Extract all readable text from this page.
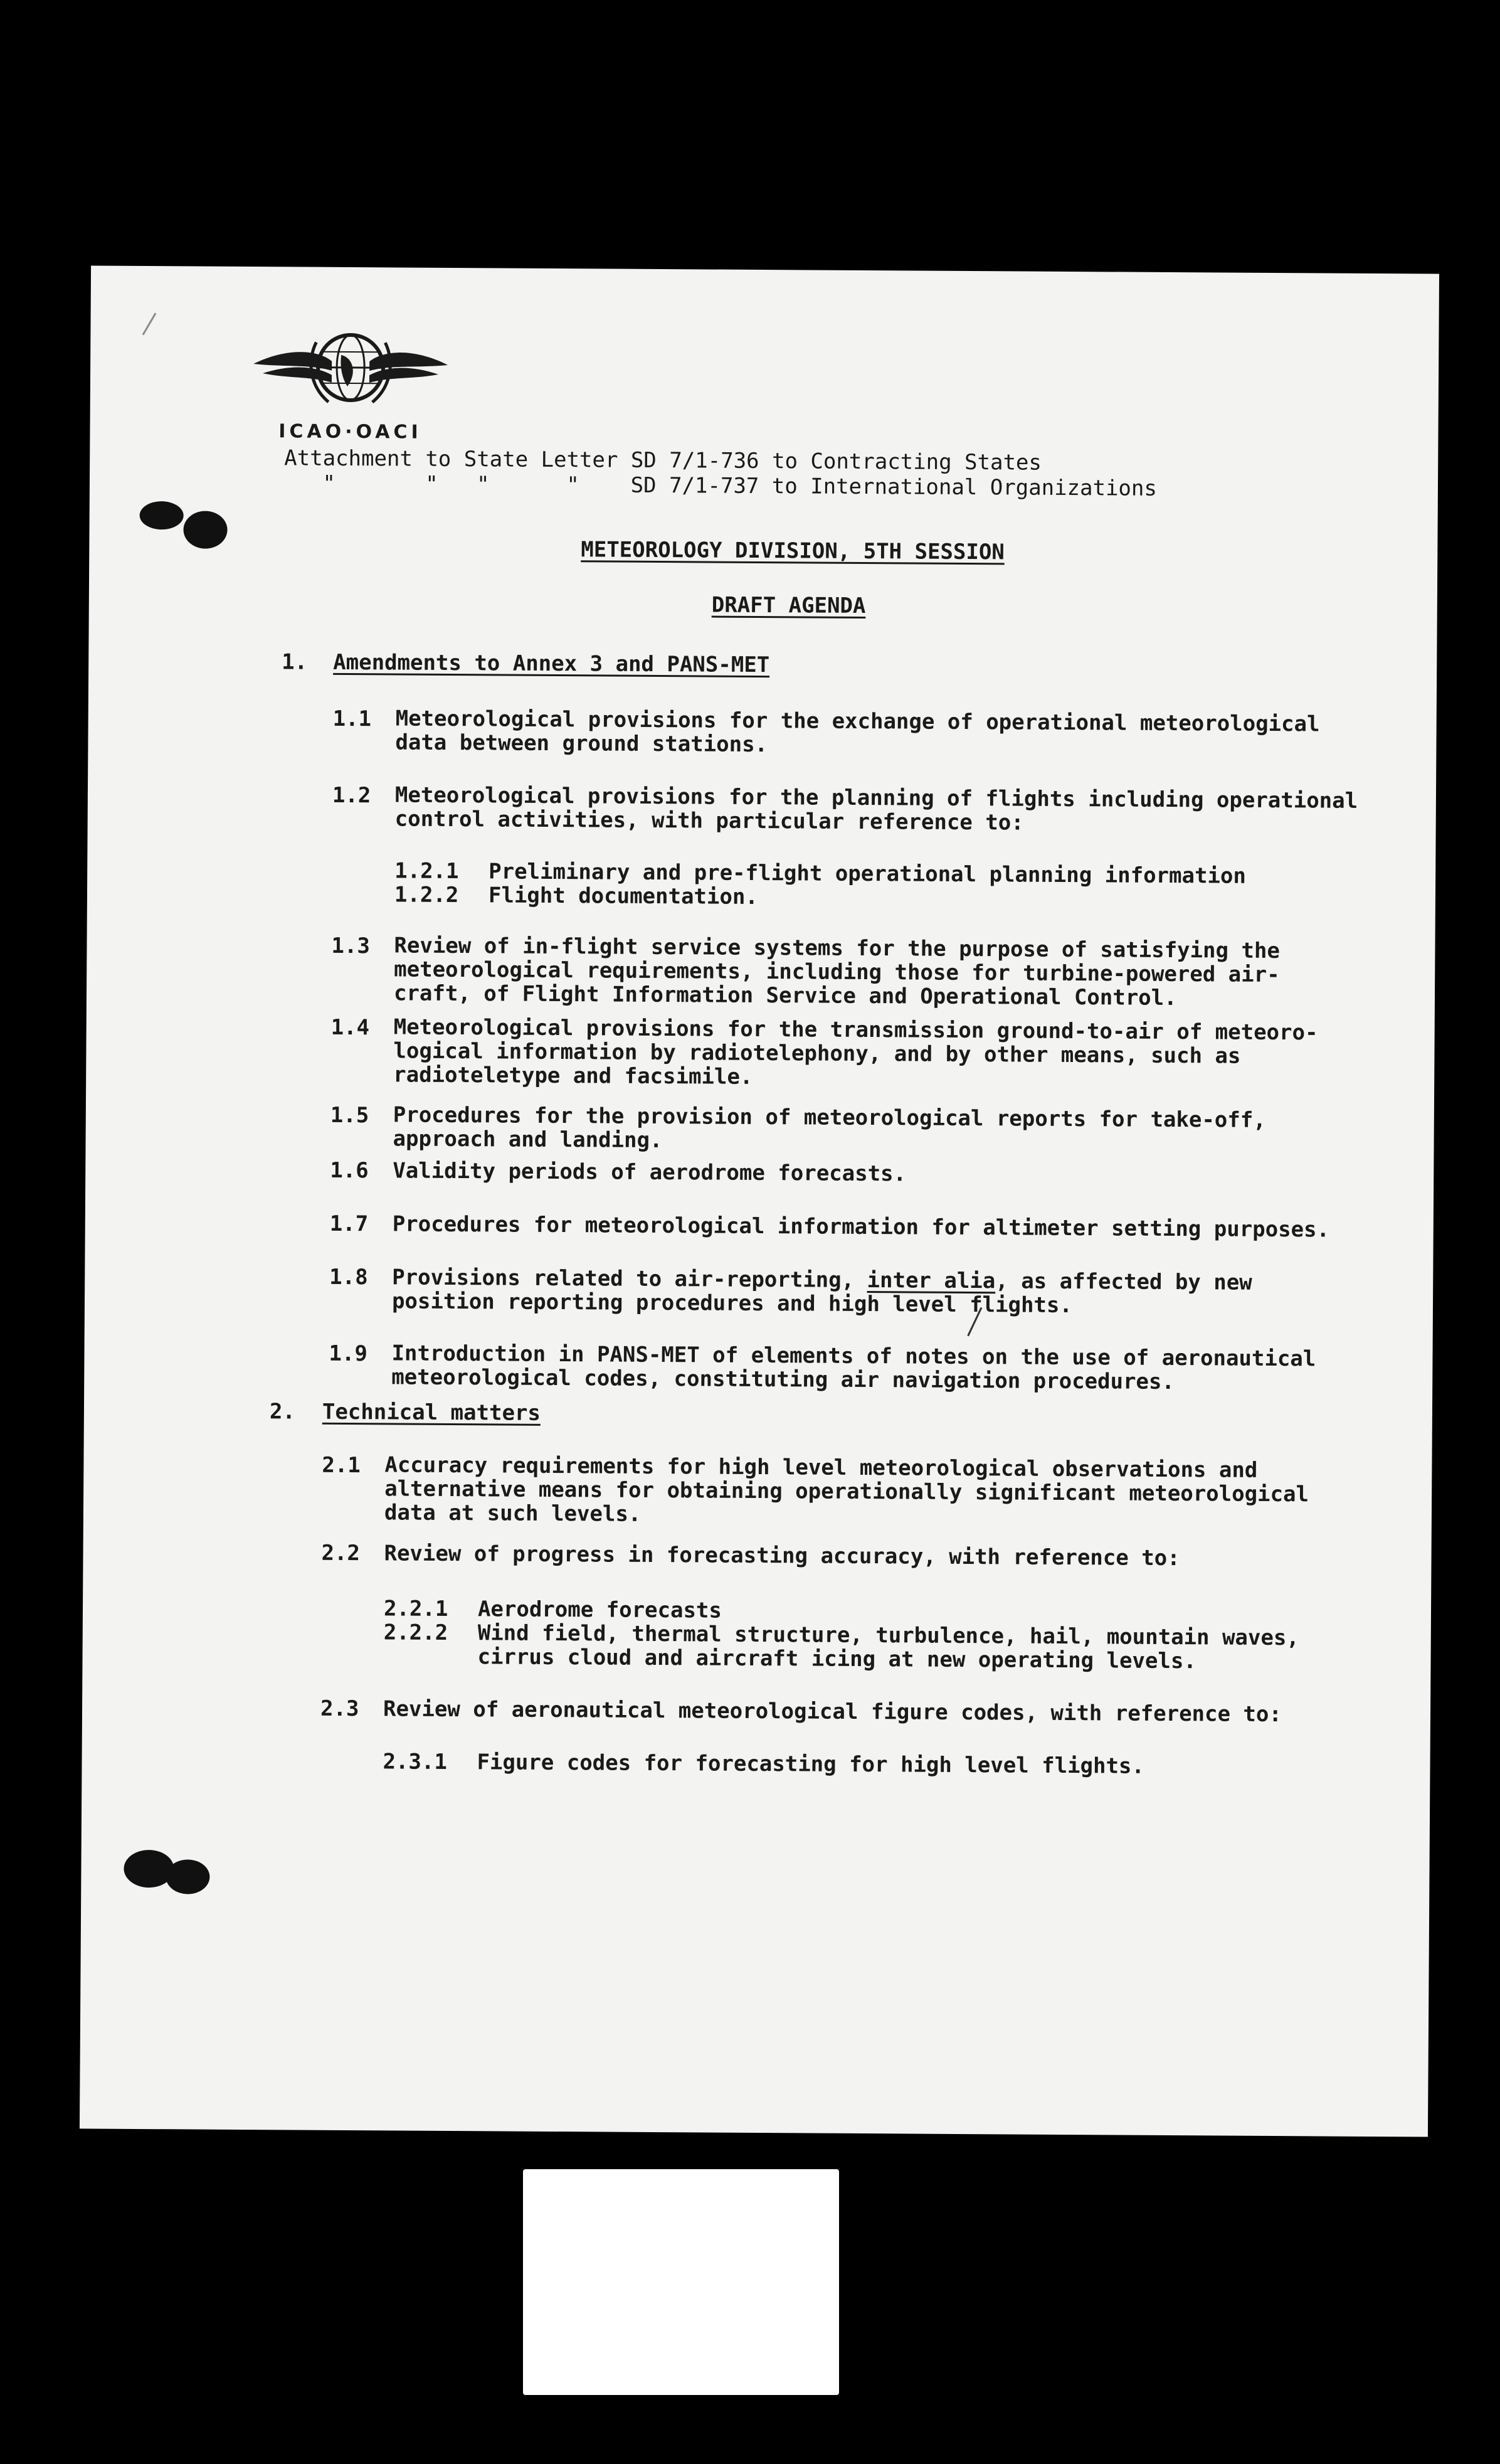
ICAO·OACI
Attachment to State Letter SD 7/1-736 to Contracting States
"       "   "      "    SD 7/1-737 to International Organizations
METEOROLOGY DIVISION, 5TH SESSION
DRAFT AGENDA
1. Amendments to Annex 3 and PANS-MET
1.1 Meteorological provisions for the exchange of operational meteorological
data between ground stations.
1.2 Meteorological provisions for the planning of flights including operational
control activities, with particular reference to:
1.2.1 Preliminary and pre-flight operational planning information
1.2.2 Flight documentation.
1.3 Review of in-flight service systems for the purpose of satisfying the
meteorological requirements, including those for turbine-powered air-
craft, of Flight Information Service and Operational Control.
1.4 Meteorological provisions for the transmission ground-to-air of meteoro-
logical information by radiotelephony, and by other means, such as
radioteletype and facsimile.
1.5 Procedures for the provision of meteorological reports for take-off,
approach and landing.
1.6 Validity periods of aerodrome forecasts.
1.7 Procedures for meteorological information for altimeter setting purposes.
1.8 Provisions related to air-reporting, inter alia, as affected by new
position reporting procedures and high level flights.
1.9 Introduction in PANS-MET of elements of notes on the use of aeronautical
meteorological codes, constituting air navigation procedures.
2. Technical matters
2.1 Accuracy requirements for high level meteorological observations and
alternative means for obtaining operationally significant meteorological
data at such levels.
2.2 Review of progress in forecasting accuracy, with reference to:
2.2.1 Aerodrome forecasts
2.2.2 Wind field, thermal structure, turbulence, hail, mountain waves,
cirrus cloud and aircraft icing at new operating levels.
2.3 Review of aeronautical meteorological figure codes, with reference to:
2.3.1 Figure codes for forecasting for high level flights.
